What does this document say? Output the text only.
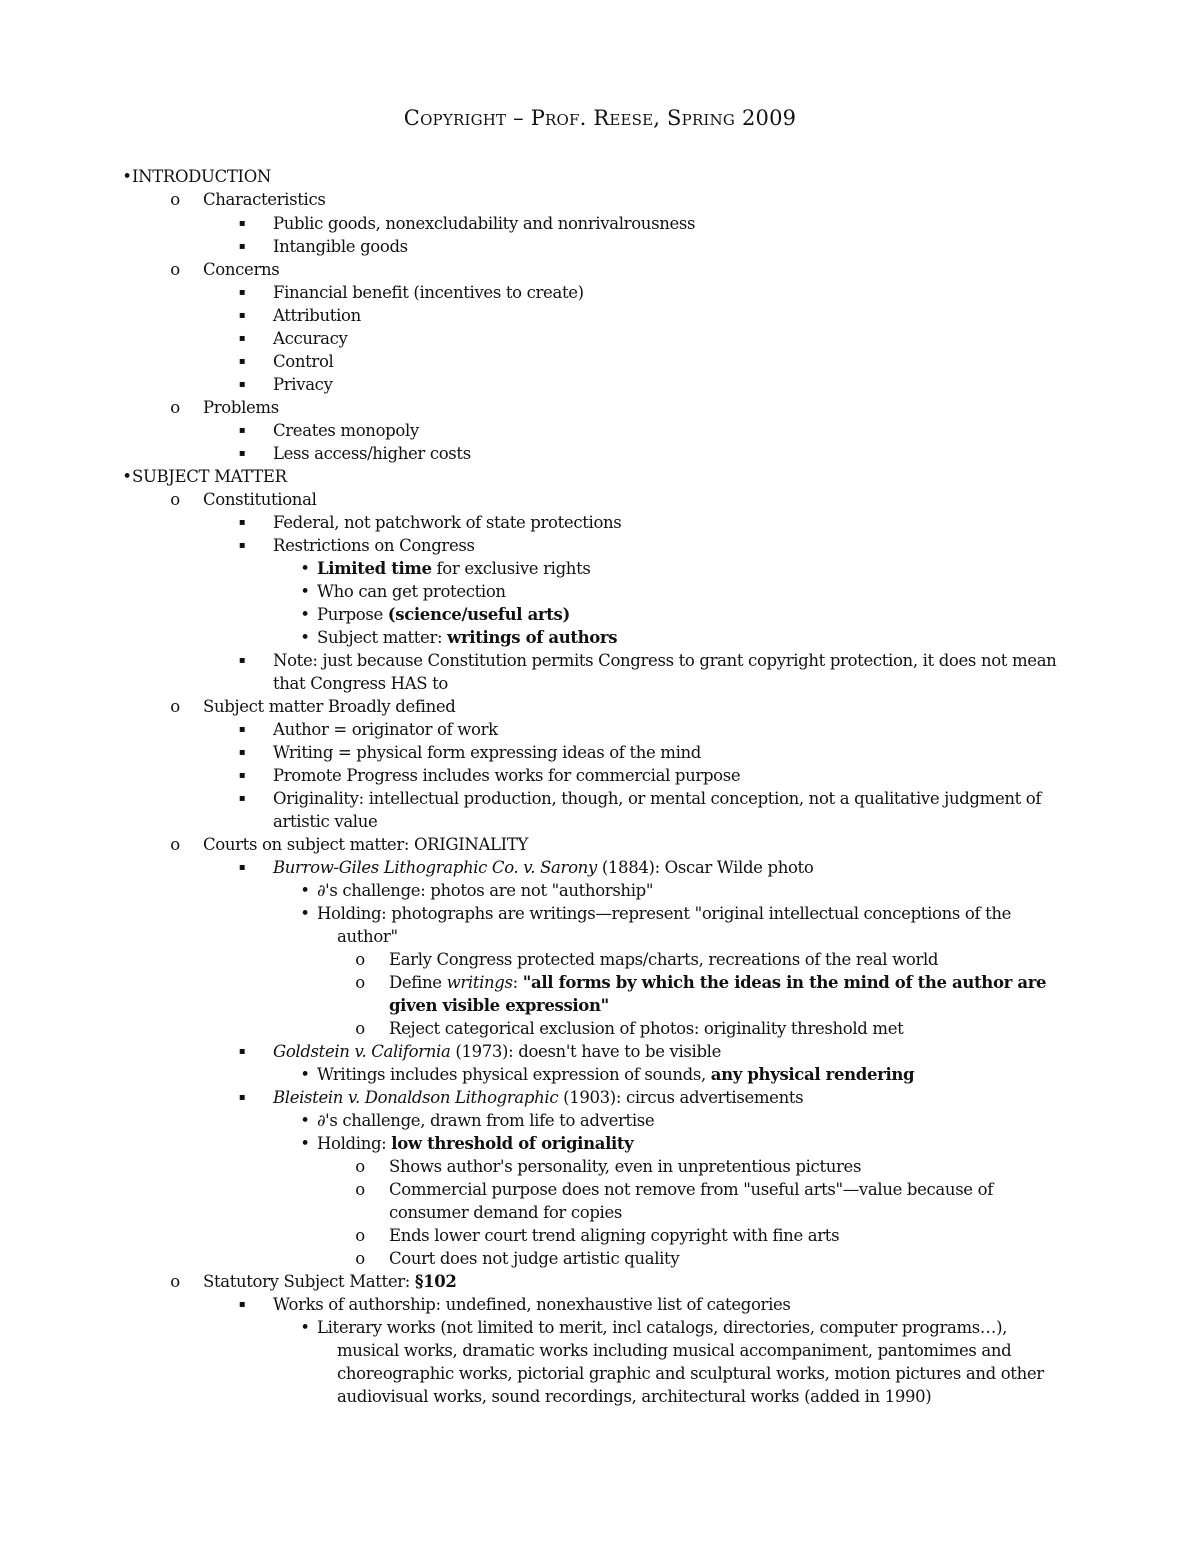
Copyright – Prof. Reese, Spring 2009
• INTRODUCTION
o Characteristics
▪ Public goods, nonexcludability and nonrivalrousness
▪ Intangible goods
o Concerns
▪ Financial benefit (incentives to create)
▪ Attribution
▪ Accuracy
▪ Control
▪ Privacy
o Problems
▪ Creates monopoly
▪ Less access/higher costs
• SUBJECT MATTER
o Constitutional
▪ Federal, not patchwork of state protections
▪ Restrictions on Congress
• Limited time for exclusive rights
• Who can get protection
• Purpose (science/useful arts)
• Subject matter: writings of authors
▪ Note: just because Constitution permits Congress to grant copyright protection, it does not mean
that Congress HAS to
o Subject matter Broadly defined
▪ Author = originator of work
▪ Writing = physical form expressing ideas of the mind
▪ Promote Progress includes works for commercial purpose
▪ Originality: intellectual production, though, or mental conception, not a qualitative judgment of
artistic value
o Courts on subject matter: ORIGINALITY
▪ Burrow-Giles Lithographic Co. v. Sarony (1884): Oscar Wilde photo
• ∂'s challenge: photos are not "authorship"
• Holding: photographs are writings—represent "original intellectual conceptions of the
author"
o Early Congress protected maps/charts, recreations of the real world
o Define writings: "all forms by which the ideas in the mind of the author are
given visible expression"
o Reject categorical exclusion of photos: originality threshold met
▪ Goldstein v. California (1973): doesn't have to be visible
• Writings includes physical expression of sounds, any physical rendering
▪ Bleistein v. Donaldson Lithographic (1903): circus advertisements
• ∂'s challenge, drawn from life to advertise
• Holding: low threshold of originality
o Shows author's personality, even in unpretentious pictures
o Commercial purpose does not remove from "useful arts"—value because of
consumer demand for copies
o Ends lower court trend aligning copyright with fine arts
o Court does not judge artistic quality
o Statutory Subject Matter: §102
▪ Works of authorship: undefined, nonexhaustive list of categories
• Literary works (not limited to merit, incl catalogs, directories, computer programs…),
musical works, dramatic works including musical accompaniment, pantomimes and
choreographic works, pictorial graphic and sculptural works, motion pictures and other
audiovisual works, sound recordings, architectural works (added in 1990)
